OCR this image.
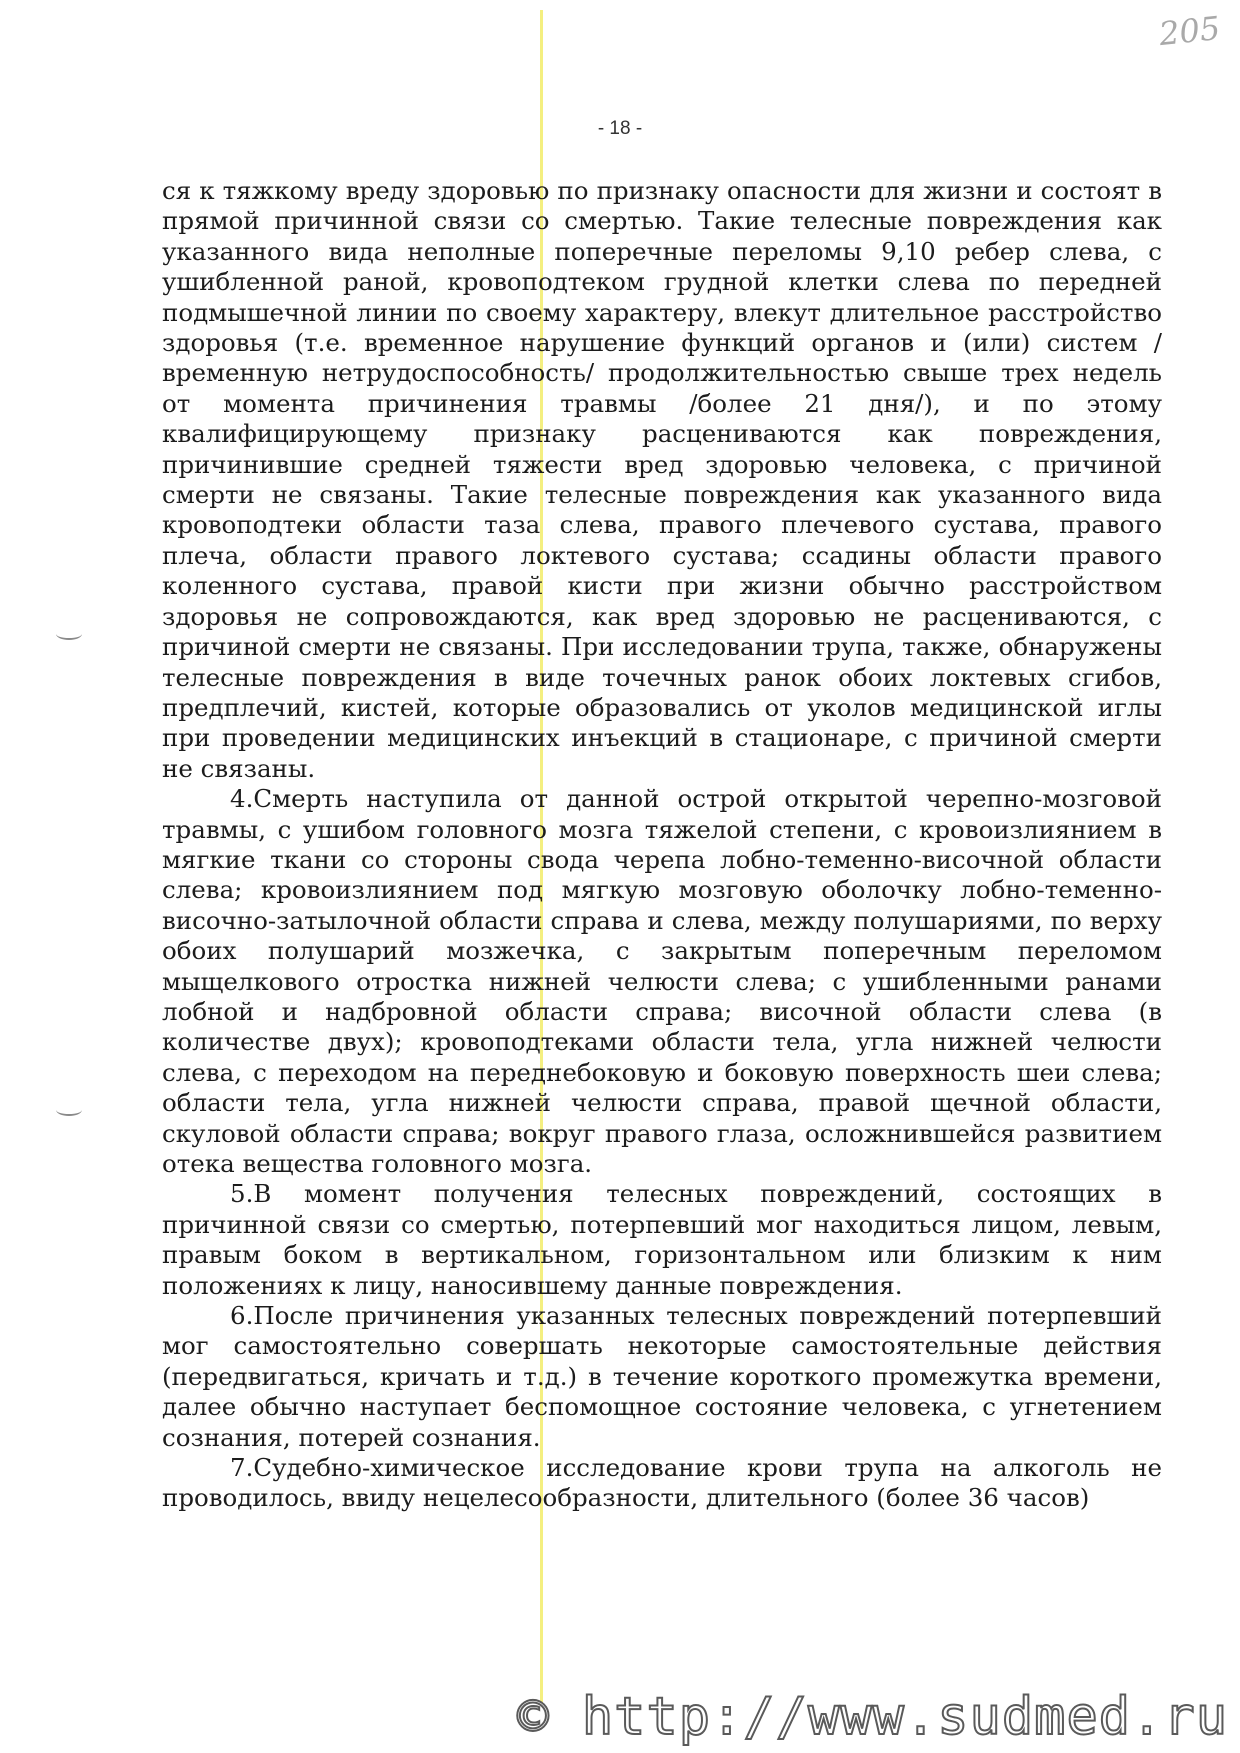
205
- 18 -

ся к тяжкому вреду здоровью по признаку опасности для жизни и состоят в прямой причинной связи со смертью. Такие телесные повреждения как указанного вида неполные поперечные переломы 9,10 ребер слева, с ушибленной раной, кровоподтеком грудной клетки слева по передней подмышечной линии по своему характеру, влекут длительное расстройство здоровья (т.е. временное нарушение функций органов и (или) систем /временную нетрудоспособность/ продолжительностью свыше трех недель от момента причинения травмы /более 21 дня/), и по этому квалифицирующему признаку расцениваются как повреждения, причинившие средней тяжести вред здоровью человека, с причиной смерти не связаны. Такие телесные повреждения как указанного вида кровоподтеки области таза слева, правого плечевого сустава, правого плеча, области правого локтевого сустава; ссадины области правого коленного сустава, правой кисти при жизни обычно расстройством здоровья не сопровождаются, как вред здоровью не расцениваются, с причиной смерти не связаны. При исследовании трупа, также, обнаружены телесные повреждения в виде точечных ранок обоих локтевых сгибов, предплечий, кистей, которые образовались от уколов медицинской иглы при проведении медицинских инъекций в стационаре, с причиной смерти не связаны.

4.Смерть наступила от данной острой открытой черепно-мозговой травмы, с ушибом головного мозга тяжелой степени, с кровоизлиянием в мягкие ткани со стороны свода черепа лобно-теменно-височной области слева; кровоизлиянием под мягкую мозговую оболочку лобно-теменно-височно-затылочной области справа и слева, между полушариями, по верху обоих полушарий мозжечка, с закрытым поперечным переломом мыщелкового отростка нижней челюсти слева; с ушибленными ранами лобной и надбровной области справа; височной области слева (в количестве двух); кровоподтеками области тела, угла нижней челюсти слева, с переходом на переднебоковую и боковую поверхность шеи слева; области тела, угла нижней челюсти справа, правой щечной области, скуловой области справа; вокруг правого глаза, осложнившейся развитием отека вещества головного мозга.

5.В момент получения телесных повреждений, состоящих в причинной связи со смертью, потерпевший мог находиться лицом, левым, правым боком в вертикальном, горизонтальном или близким к ним положениях к лицу, наносившему данные повреждения.

6.После причинения указанных телесных повреждений потерпевший мог самостоятельно совершать некоторые самостоятельные действия (передвигаться, кричать и т.д.) в течение короткого промежутка времени, далее обычно наступает беспомощное состояние человека, с угнетением сознания, потерей сознания.

7.Судебно-химическое исследование крови трупа на алкоголь не проводилось, ввиду нецелесообразности, длительного (более 36 часов)

© http://www.sudmed.ru
